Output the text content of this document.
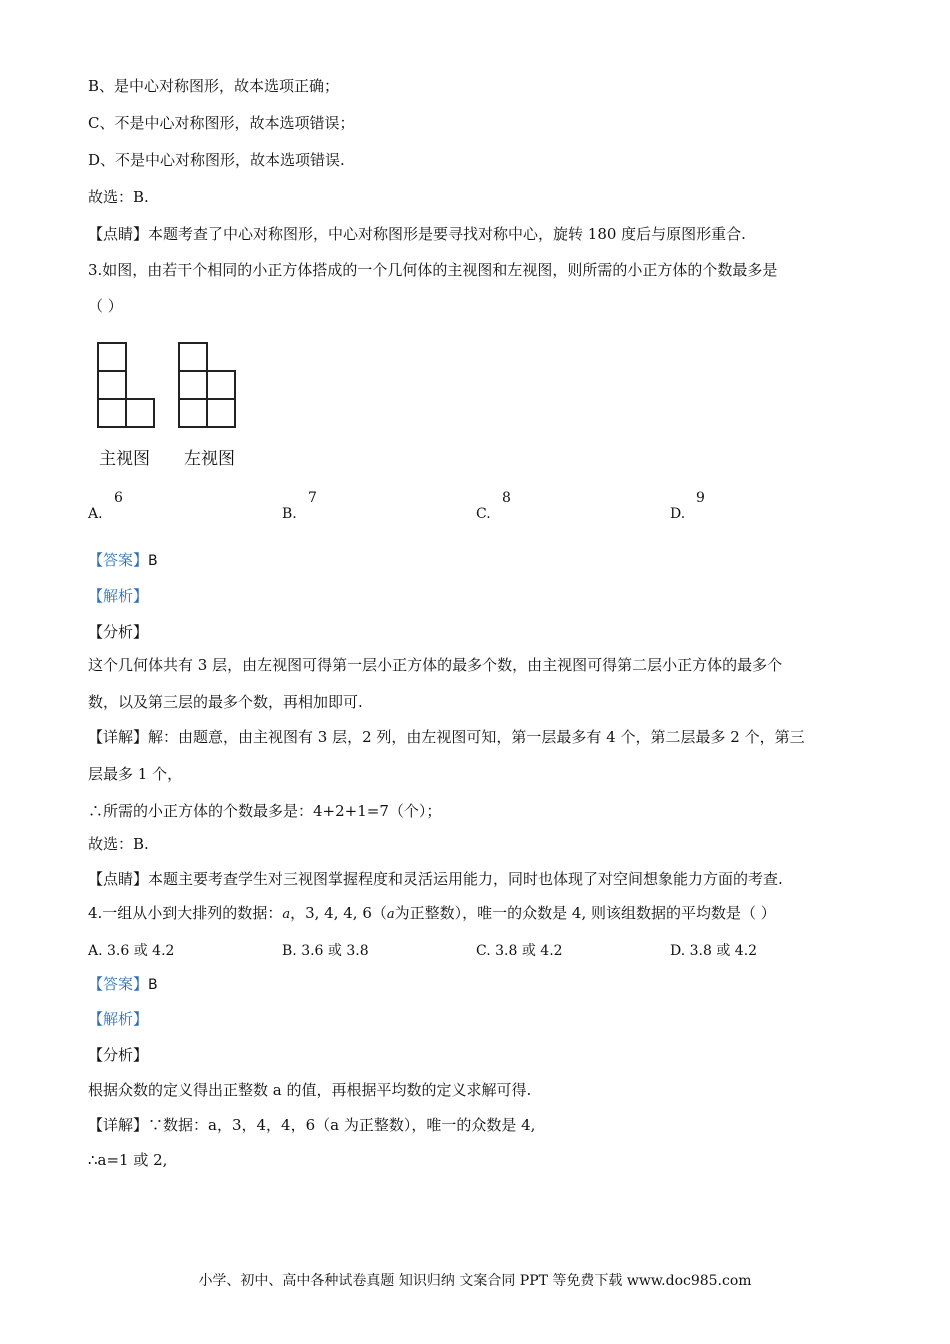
B、是中心对称图形，故本选项正确；
C、不是中心对称图形，故本选项错误；
D、不是中心对称图形，故本选项错误.
故选：B.
【点睛】本题考查了中心对称图形，中心对称图形是要寻找对称中心，旋转 180 度后与原图形重合.
3.如图，由若干个相同的小正方体搭成的一个几何体的主视图和左视图，则所需的小正方体的个数最多是
（ ）
主视图 左视图
A.
6
B.
7
C.
8
D.
9
【答案】B
【解析】
【分析】
这个几何体共有 3 层，由左视图可得第一层小正方体的最多个数，由主视图可得第二层小正方体的最多个
数，以及第三层的最多个数，再相加即可.
【详解】解：由题意，由主视图有 3 层，2 列，由左视图可知，第一层最多有 4 个，第二层最多 2 个，第三
层最多 1 个，
∴所需的小正方体的个数最多是：4+2+1=7（个）；
故选：B.
【点睛】本题主要考查学生对三视图掌握程度和灵活运用能力，同时也体现了对空间想象能力方面的考查.
4.一组从小到大排列的数据：a，3, 4, 4, 6（a为正整数），唯一的众数是 4, 则该组数据的平均数是（ ）
A. 3.6 或 4.2	B. 3.6 或 3.8	C. 3.8 或 4.2	D. 3.8 或 4.2
【答案】B
【解析】
【分析】
根据众数的定义得出正整数 a 的值，再根据平均数的定义求解可得.
【详解】∵数据：a，3，4，4，6（a 为正整数），唯一的众数是 4,
∴a=1 或 2,
小学、初中、高中各种试卷真题 知识归纳 文案合同 PPT 等免费下载 www.doc985.com
